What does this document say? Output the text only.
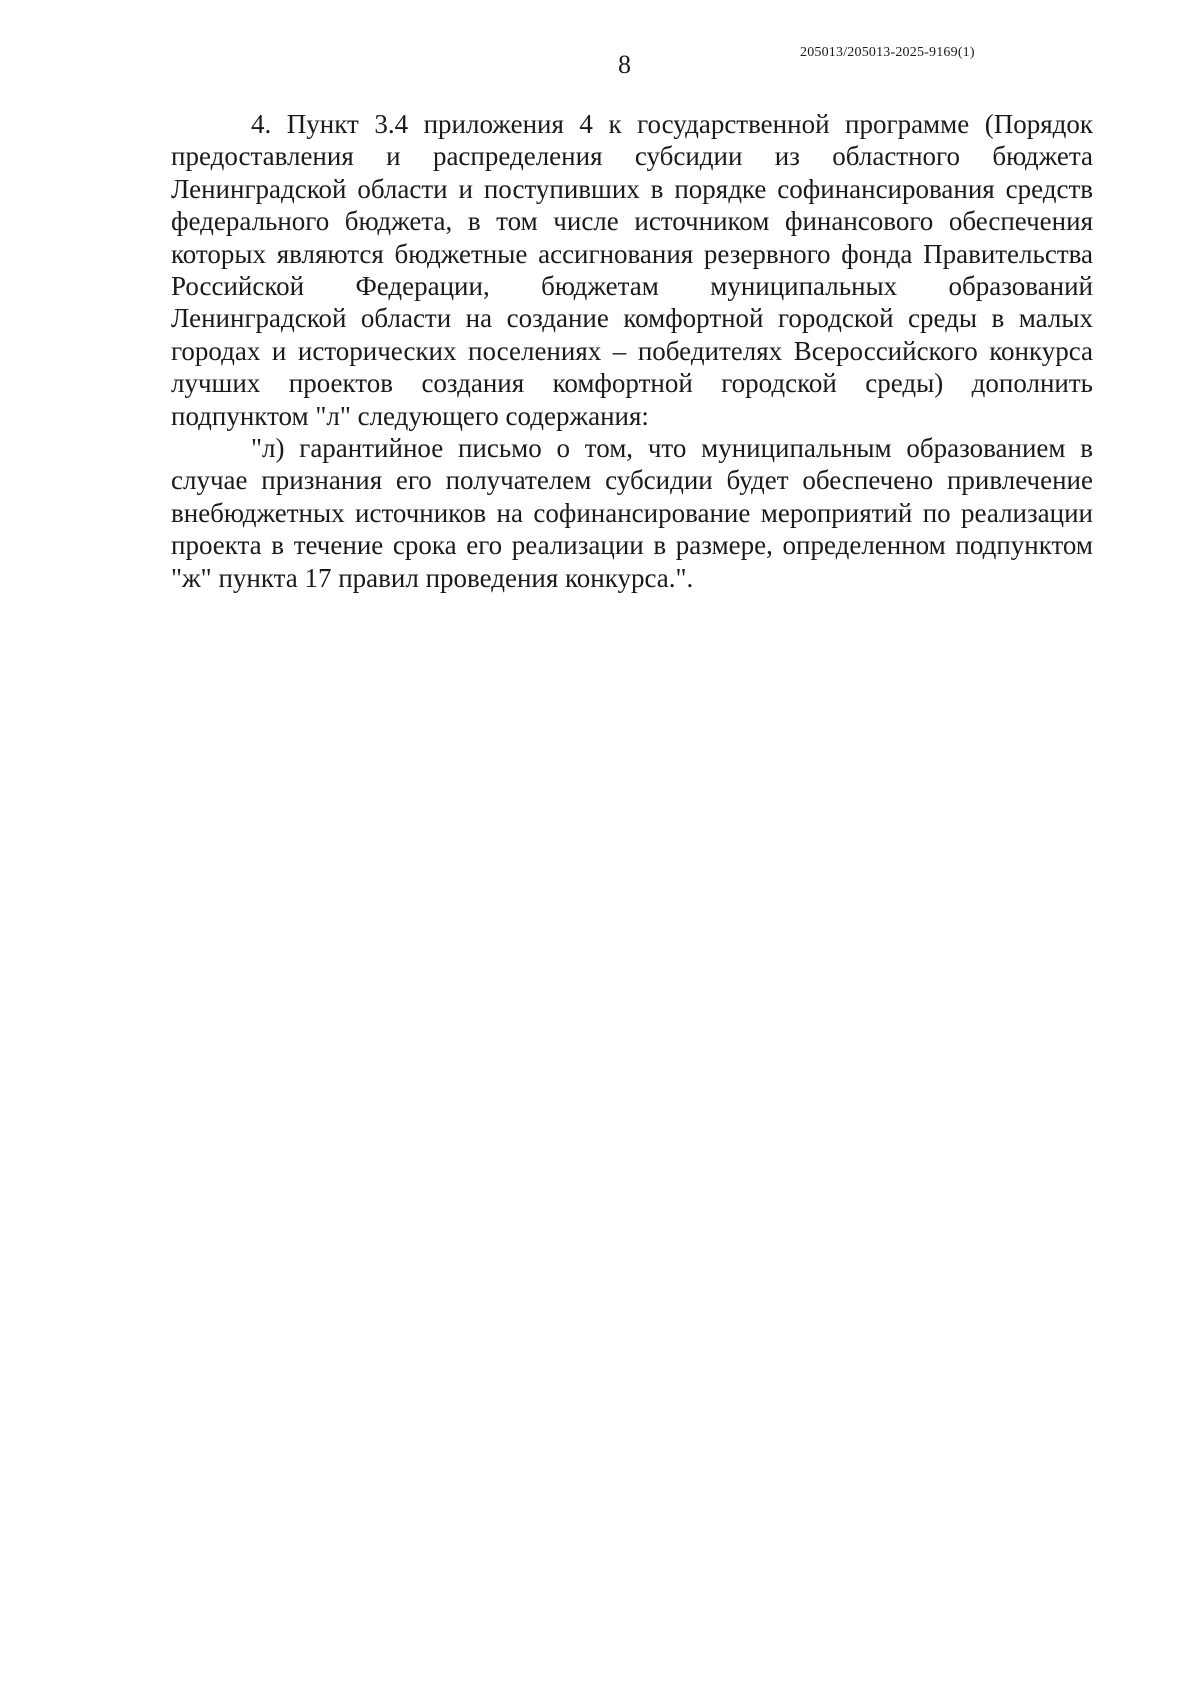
8	205013/205013-2025-9169(1)

4. Пункт 3.4 приложения 4 к государственной программе (Порядок предоставления и распределения субсидии из областного бюджета Ленинградской области и поступивших в порядке софинансирования средств федерального бюджета, в том числе источником финансового обеспечения которых являются бюджетные ассигнования резервного фонда Правительства Российской Федерации, бюджетам муниципальных образований Ленинградской области на создание комфортной городской среды в малых городах и исторических поселениях – победителях Всероссийского конкурса лучших проектов создания комфортной городской среды) дополнить подпунктом "л" следующего содержания:

"л) гарантийное письмо о том, что муниципальным образованием в случае признания его получателем субсидии будет обеспечено привлечение внебюджетных источников на софинансирование мероприятий по реализации проекта в течение срока его реализации в размере, определенном подпунктом "ж" пункта 17 правил проведения конкурса.".
